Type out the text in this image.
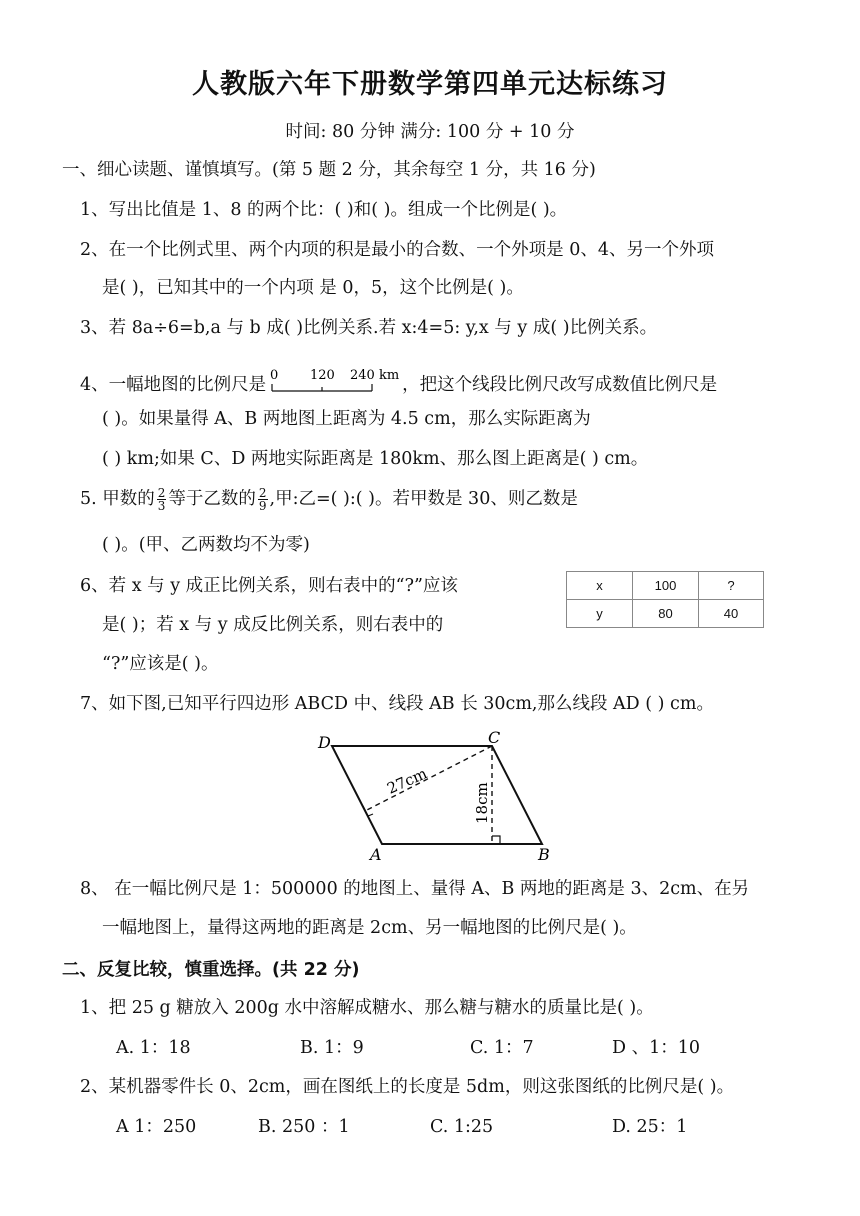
人教版六年下册数学第四单元达标练习
时间: 80 分钟 满分: 100 分 + 10 分
一、细心读题、谨慎填写。(第 5 题 2 分，其余每空 1 分，共 16 分)
1、写出比值是 1、8 的两个比：( )和( )。组成一个比例是( )。
2、在一个比例式里、两个内项的积是最小的合数、一个外项是 0、4、另一个外项
是( )，已知其中的一个内项 是 0，5，这个比例是( )。
3、若 8a÷6=b,a 与 b 成( )比例关系.若 x:4=5: y,x 与 y 成( )比例关系。
4、一幅地图的比例尺是 0 120 240 km ，把这个线段比例尺改写成数值比例尺是
( )。如果量得 A、B 两地图上距离为 4.5 cm，那么实际距离为
( ) km;如果 C、D 两地实际距离是 180km、那么图上距离是( ) cm。
5. 甲数的 $\frac{2}{3}$ 等于乙数的 $\frac{2}{9}$ ,甲:乙=( ):( )。若甲数是 30、则乙数是
( )。(甲、乙两数均不为零)
6、若 x 与 y 成正比例关系，则右表中的“?”应该
是( )；若 x 与 y 成反比例关系，则右表中的
“?”应该是( )。
x	100	?
y	80	40
7、如下图,已知平行四边形 ABCD 中、线段 AB 长 30cm,那么线段 AD ( ) cm。
D	C
A	B
27cm
18cm
8、 在一幅比例尺是 1：500000 的地图上、量得 A、B 两地的距离是 3、2cm、在另
一幅地图上，量得这两地的距离是 2cm、另一幅地图的比例尺是( )。
二、反复比较，慎重选择。(共 22 分)
1、把 25 g 糖放入 200g 水中溶解成糖水、那么糖与糖水的质量比是( )。
A. 1：18	B. 1：9	C. 1：7	D 、1：10
2、某机器零件长 0、2cm，画在图纸上的长度是 5dm，则这张图纸的比例尺是( )。
A 1：250	B. 250 ：1	C. 1:25	D. 25：1
